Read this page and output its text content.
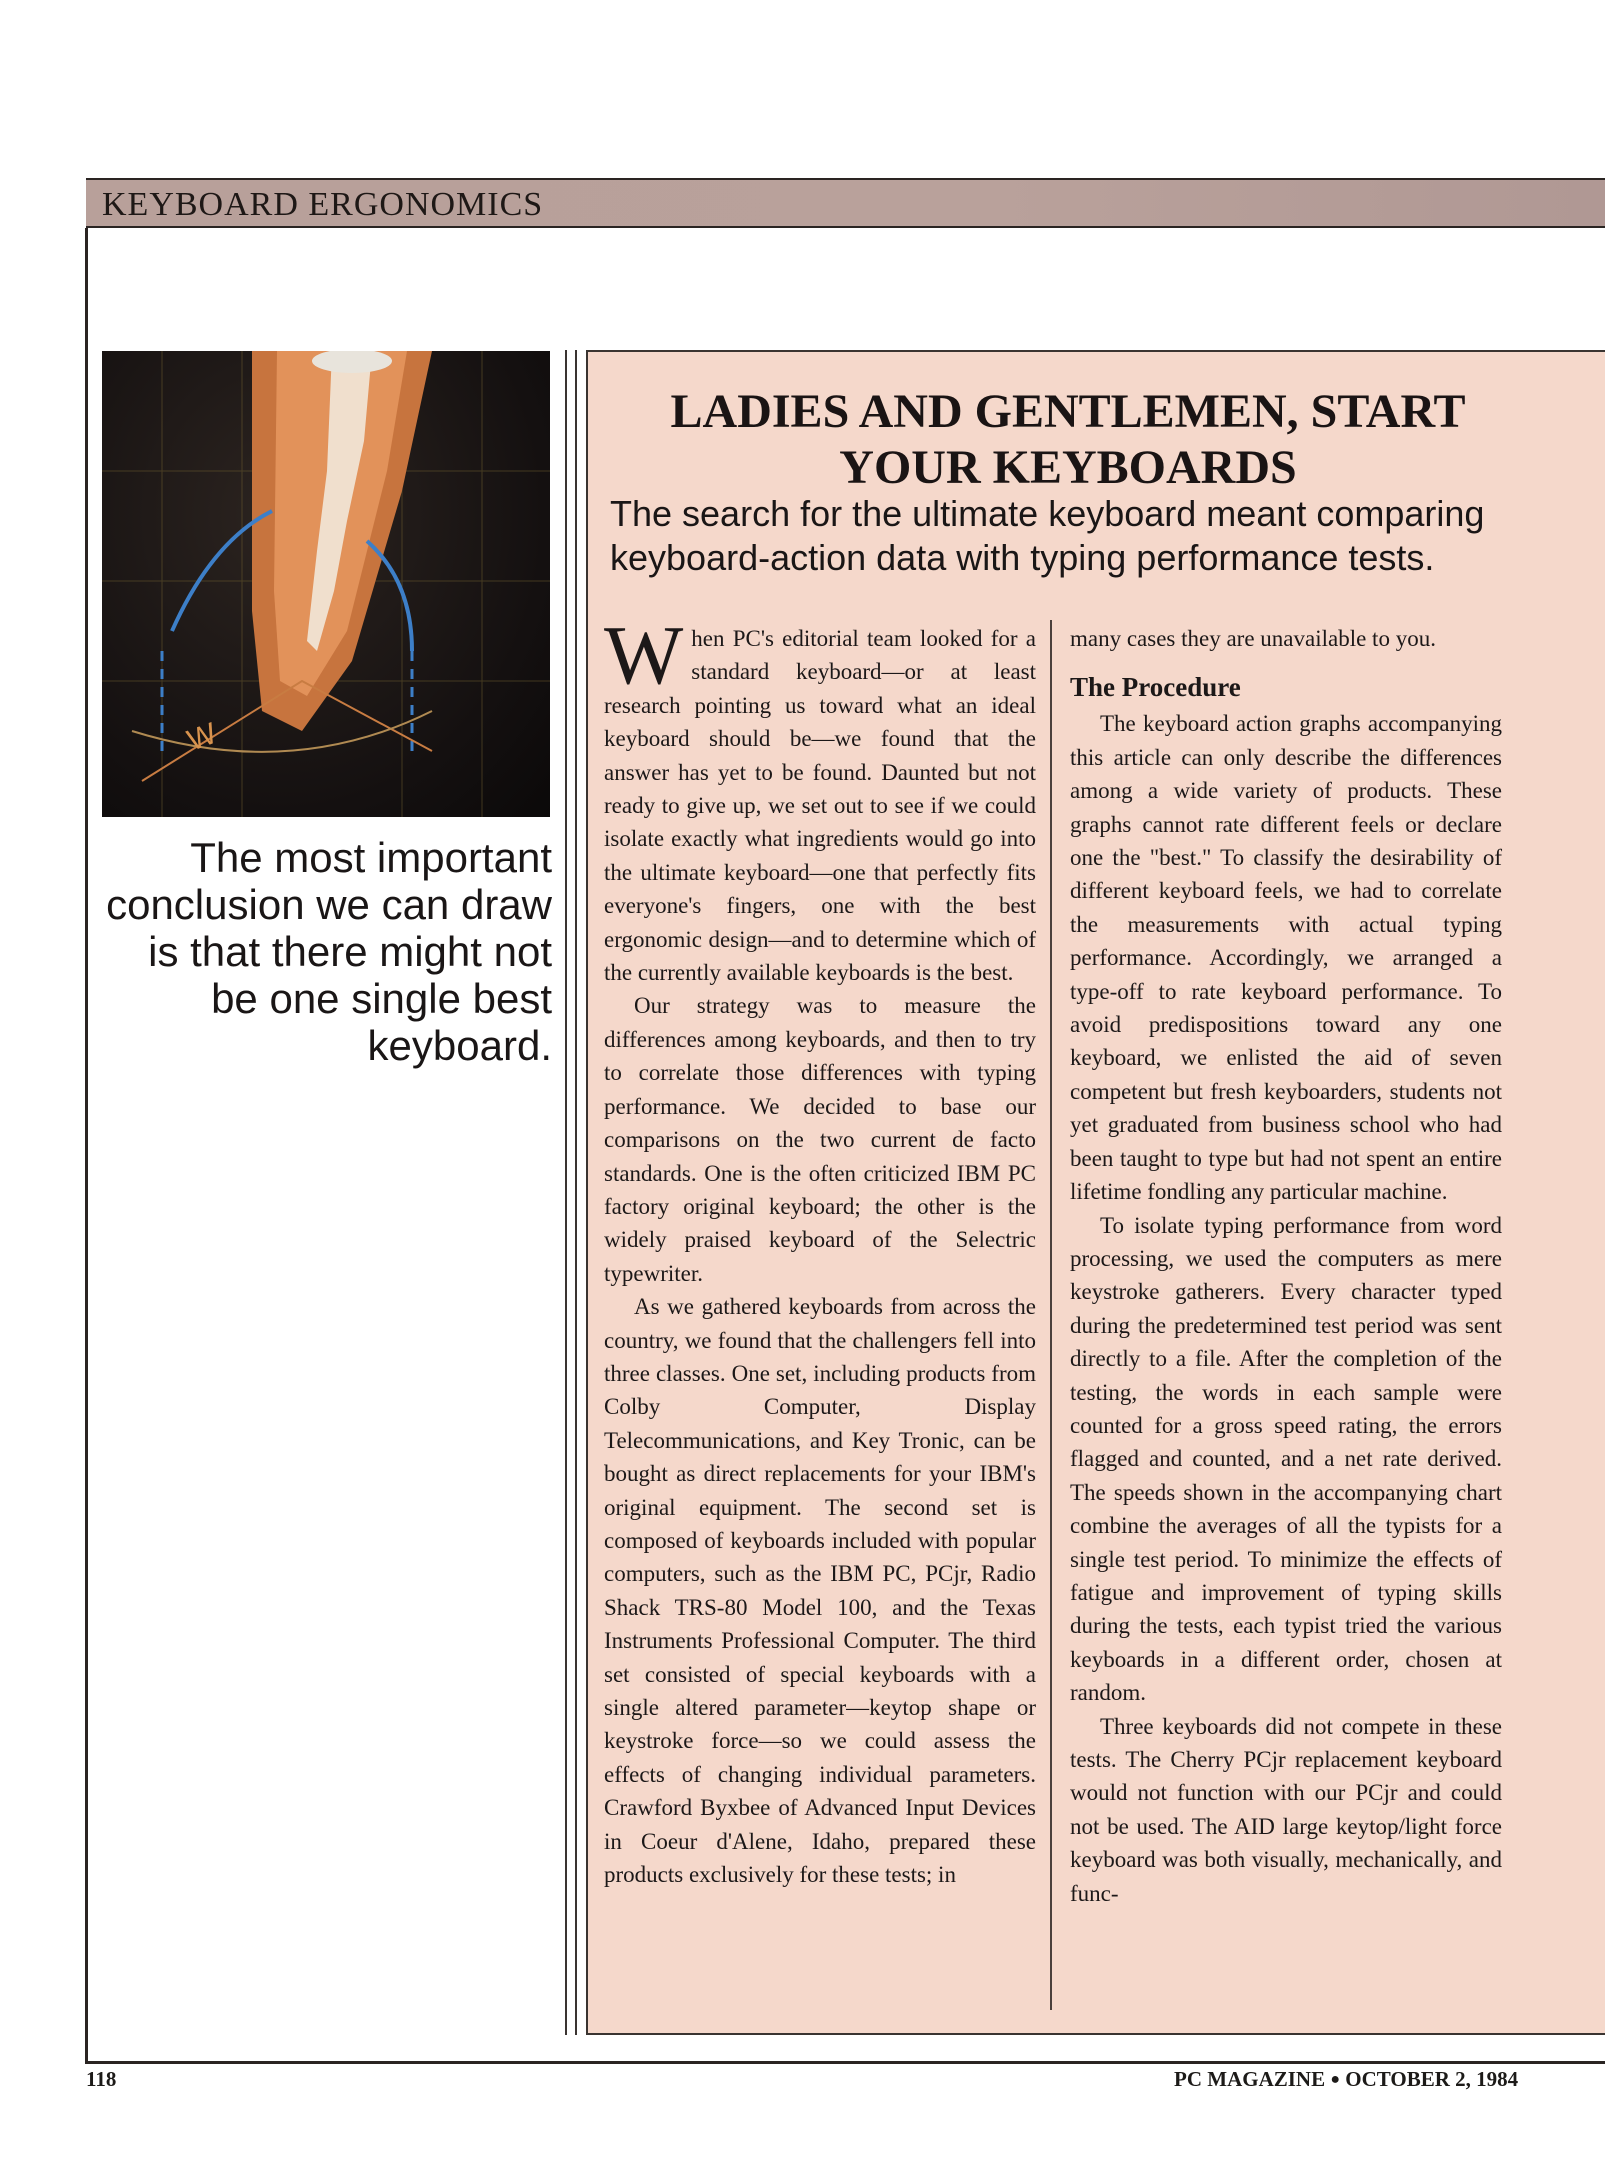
KEYBOARD ERGONOMICS
W
The most important conclusion we can draw is that there might not be one single best keyboard.
LADIES AND GENTLEMEN, START
YOUR KEYBOARDS
The search for the ultimate keyboard meant comparing keyboard-action data with typing performance tests.

When PC's editorial team looked for a standard keyboard—or at least research pointing us toward what an ideal keyboard should be—we found that the answer has yet to be found. Daunted but not ready to give up, we set out to see if we could isolate exactly what ingredients would go into the ultimate keyboard—one that perfectly fits everyone's fingers, one with the best ergonomic design—and to determine which of the currently available keyboards is the best.

Our strategy was to measure the differences among keyboards, and then to try to correlate those differences with typing performance. We decided to base our comparisons on the two current de facto standards. One is the often criticized IBM PC factory original keyboard; the other is the widely praised keyboard of the Selectric typewriter.

As we gathered keyboards from across the country, we found that the challengers fell into three classes. One set, including products from Colby Computer, Display Telecommunications, and Key Tronic, can be bought as direct replacements for your IBM's original equipment. The second set is composed of keyboards included with popular computers, such as the IBM PC, PCjr, Radio Shack TRS-80 Model 100, and the Texas Instruments Professional Computer. The third set consisted of special keyboards with a single altered parameter—keytop shape or keystroke force—so we could assess the effects of changing individual parameters. Crawford Byxbee of Advanced Input Devices in Coeur d'Alene, Idaho, prepared these products exclusively for these tests; in

many cases they are unavailable to you.

The Procedure

The keyboard action graphs accompanying this article can only describe the differences among a wide variety of products. These graphs cannot rate different feels or declare one the "best." To classify the desirability of different keyboard feels, we had to correlate the measurements with actual typing performance. Accordingly, we arranged a type-off to rate keyboard performance. To avoid predispositions toward any one keyboard, we enlisted the aid of seven competent but fresh keyboarders, students not yet graduated from business school who had been taught to type but had not spent an entire lifetime fondling any particular machine.

To isolate typing performance from word processing, we used the computers as mere keystroke gatherers. Every character typed during the predetermined test period was sent directly to a file. After the completion of the testing, the words in each sample were counted for a gross speed rating, the errors flagged and counted, and a net rate derived. The speeds shown in the accompanying chart combine the averages of all the typists for a single test period. To minimize the effects of fatigue and improvement of typing skills during the tests, each typist tried the various keyboards in a different order, chosen at random.

Three keyboards did not compete in these tests. The Cherry PCjr replacement keyboard would not function with our PCjr and could not be used. The AID large keytop/light force keyboard was both visually, mechanically, and func-

118	PC MAGAZINE ● OCTOBER 2, 1984
